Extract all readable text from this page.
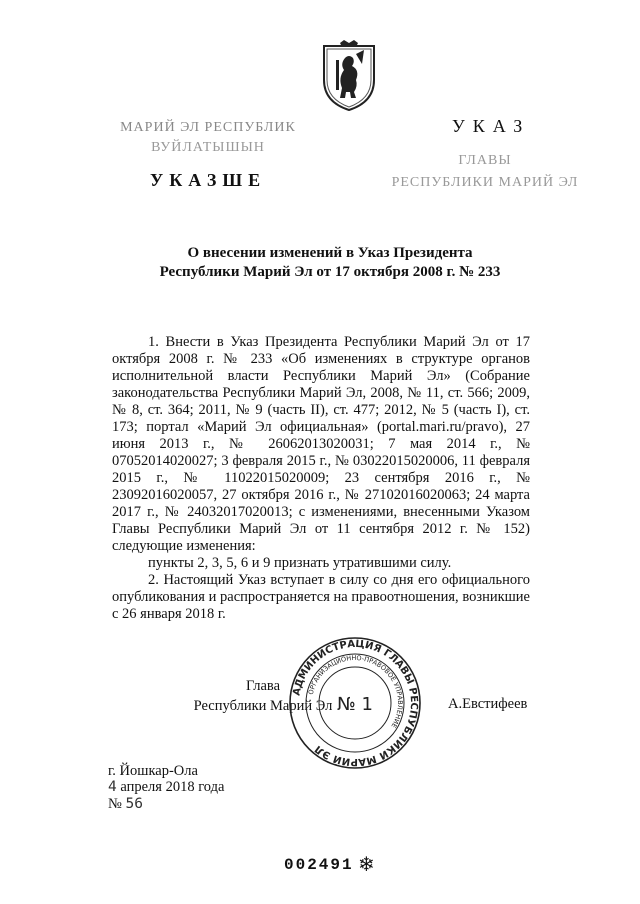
МАРИЙ ЭЛ РЕСПУБЛИК
ВУЙЛАТЫШЫН
УКАЗШЕ
УКАЗ
ГЛАВЫ
РЕСПУБЛИКИ МАРИЙ ЭЛ
О внесении изменений в Указ Президента
Республики Марий Эл от 17 октября 2008 г. № 233

1. Внести в Указ Президента Республики Марий Эл от 17 октября 2008 г. № 233 «Об изменениях в структуре органов исполнительной власти Республики Марий Эл» (Собрание законодательства Республики Марий Эл, 2008, № 11, ст. 566; 2009, № 8, ст. 364; 2011, № 9 (часть II), ст. 477; 2012, № 5 (часть I), ст. 173; портал «Марий Эл официальная» (portal.mari.ru/pravo), 27 июня 2013 г., № 26062013020031; 7 мая 2014 г., № 07052014020027; 3 февраля 2015 г., № 03022015020006, 11 февраля 2015 г., № 11022015020009; 23 сентября 2016 г., № 23092016020057, 27 октября 2016 г., № 27102016020063; 24 марта 2017 г., № 24032017020013; с изменениями, внесенными Указом Главы Республики Марий Эл от 11 сентября 2012 г. № 152) следующие изменения:

пункты 2, 3, 5, 6 и 9 признать утратившими силу.

2. Настоящий Указ вступает в силу со дня его официального опубликования и распространяется на правоотношения, возникшие с 26 января 2018 г.

Глава
Республики Марий Эл	А.Евстифеев
АДМИНИСТРАЦИЯ ГЛАВЫ РЕСПУБЛИКИ МАРИЙ ЭЛ
ОРГАНИЗАЦИОННО-ПРАВОВОЕ УПРАВЛЕНИЕ
№ 1
г. Йошкар-Ола
4 апреля 2018 года
№ 56
002491 ❄
